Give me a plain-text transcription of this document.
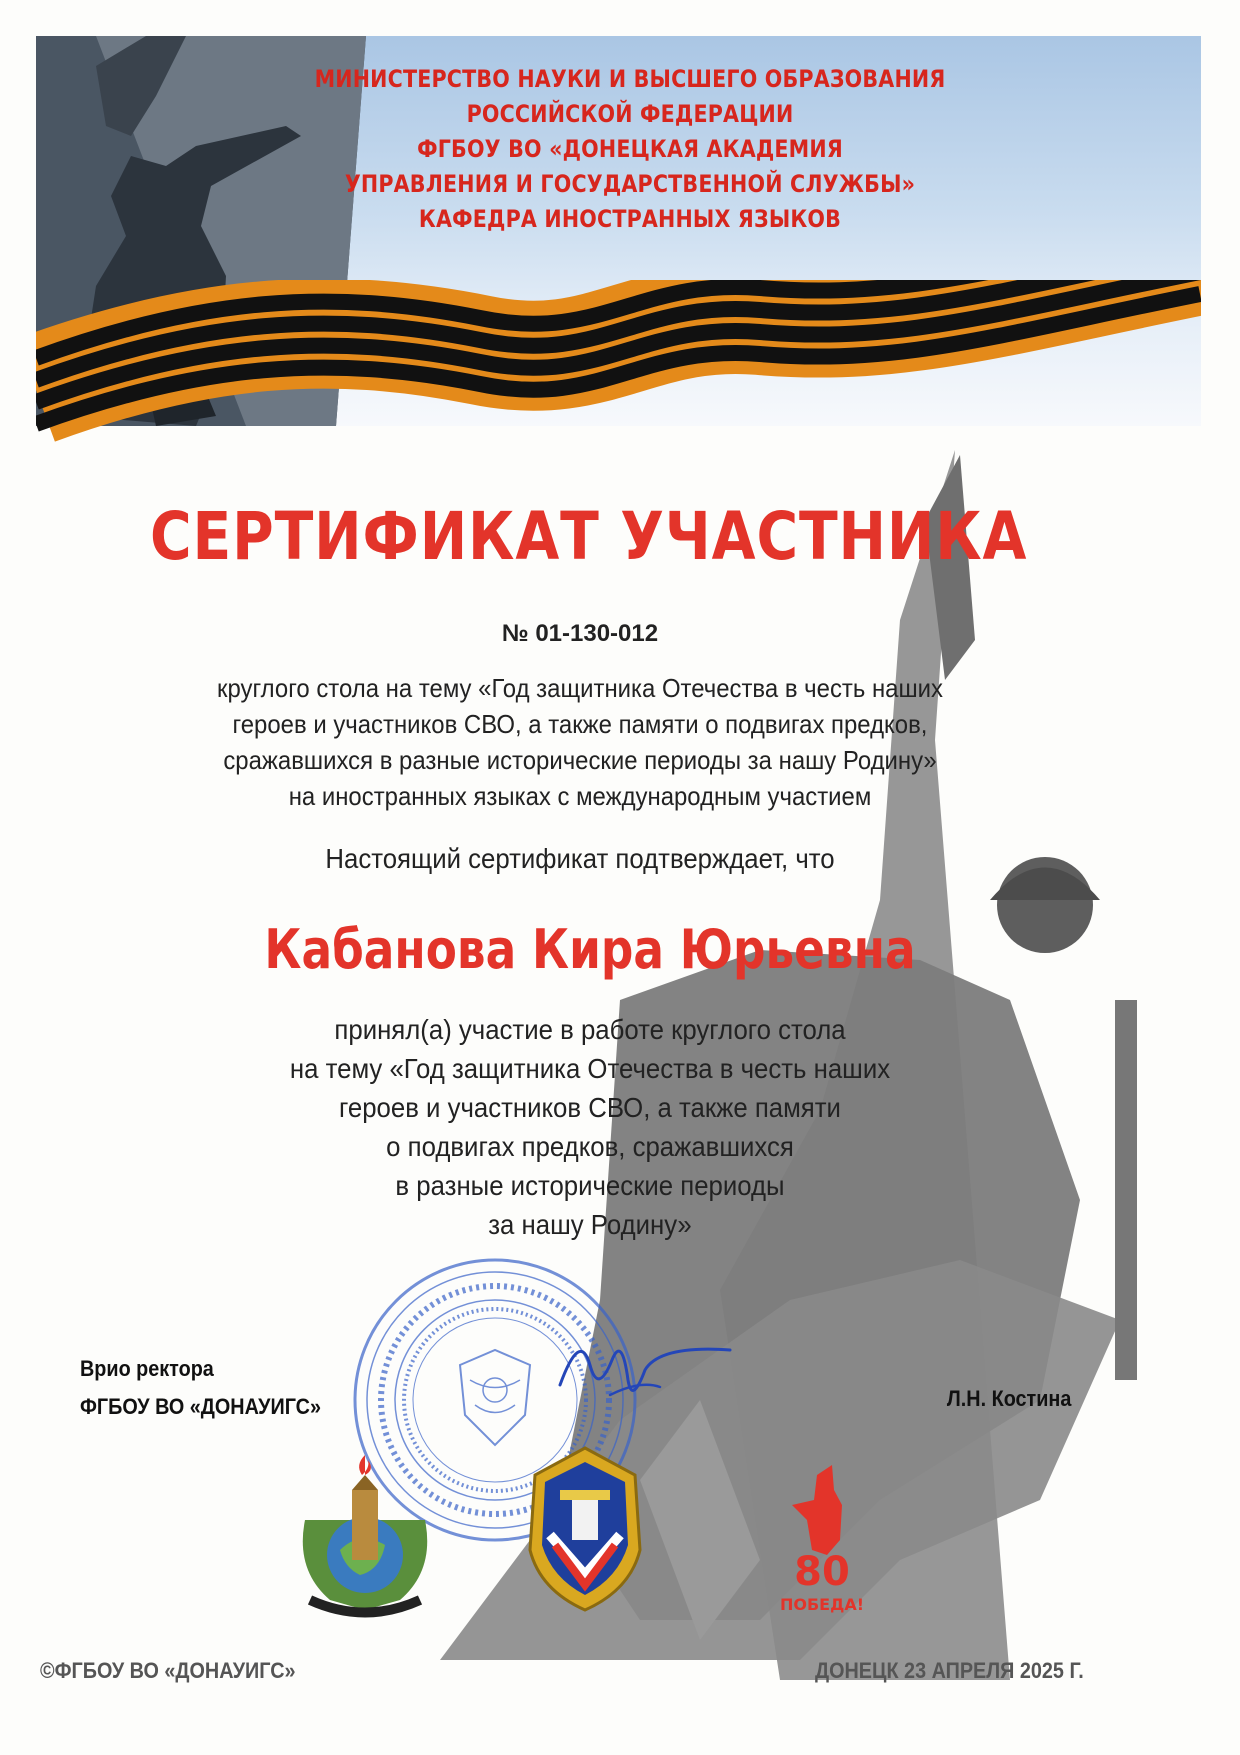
МИНИСТЕРСТВО НАУКИ И ВЫСШЕГО ОБРАЗОВАНИЯ
РОССИЙСКОЙ ФЕДЕРАЦИИ
ФГБОУ ВО «ДОНЕЦКАЯ АКАДЕМИЯ
УПРАВЛЕНИЯ И ГОСУДАРСТВЕННОЙ СЛУЖБЫ»
КАФЕДРА ИНОСТРАННЫХ ЯЗЫКОВ
СЕРТИФИКАТ УЧАСТНИКА
№ 01-130-012
круглого стола на тему «Год защитника Отечества в честь наших
героев и участников СВО, а также памяти о подвигах предков,
сражавшихся в разные исторические периоды за нашу Родину»
на иностранных языках с международным участием
Настоящий сертификат подтверждает, что
Кабанова Кира Юрьевна
принял(а) участие в работе круглого стола
на тему «Год защитника Отечества в честь наших
героев и участников СВО, а также памяти
о подвигах предков, сражавшихся
в разные исторические периоды
за нашу Родину»
Врио ректора
ФГБОУ ВО «ДОНАУИГС»	Л.Н. Костина
80
ПОБЕДА!
©ФГБОУ ВО «ДОНАУИГС»	ДОНЕЦК 23 АПРЕЛЯ 2025 Г.
